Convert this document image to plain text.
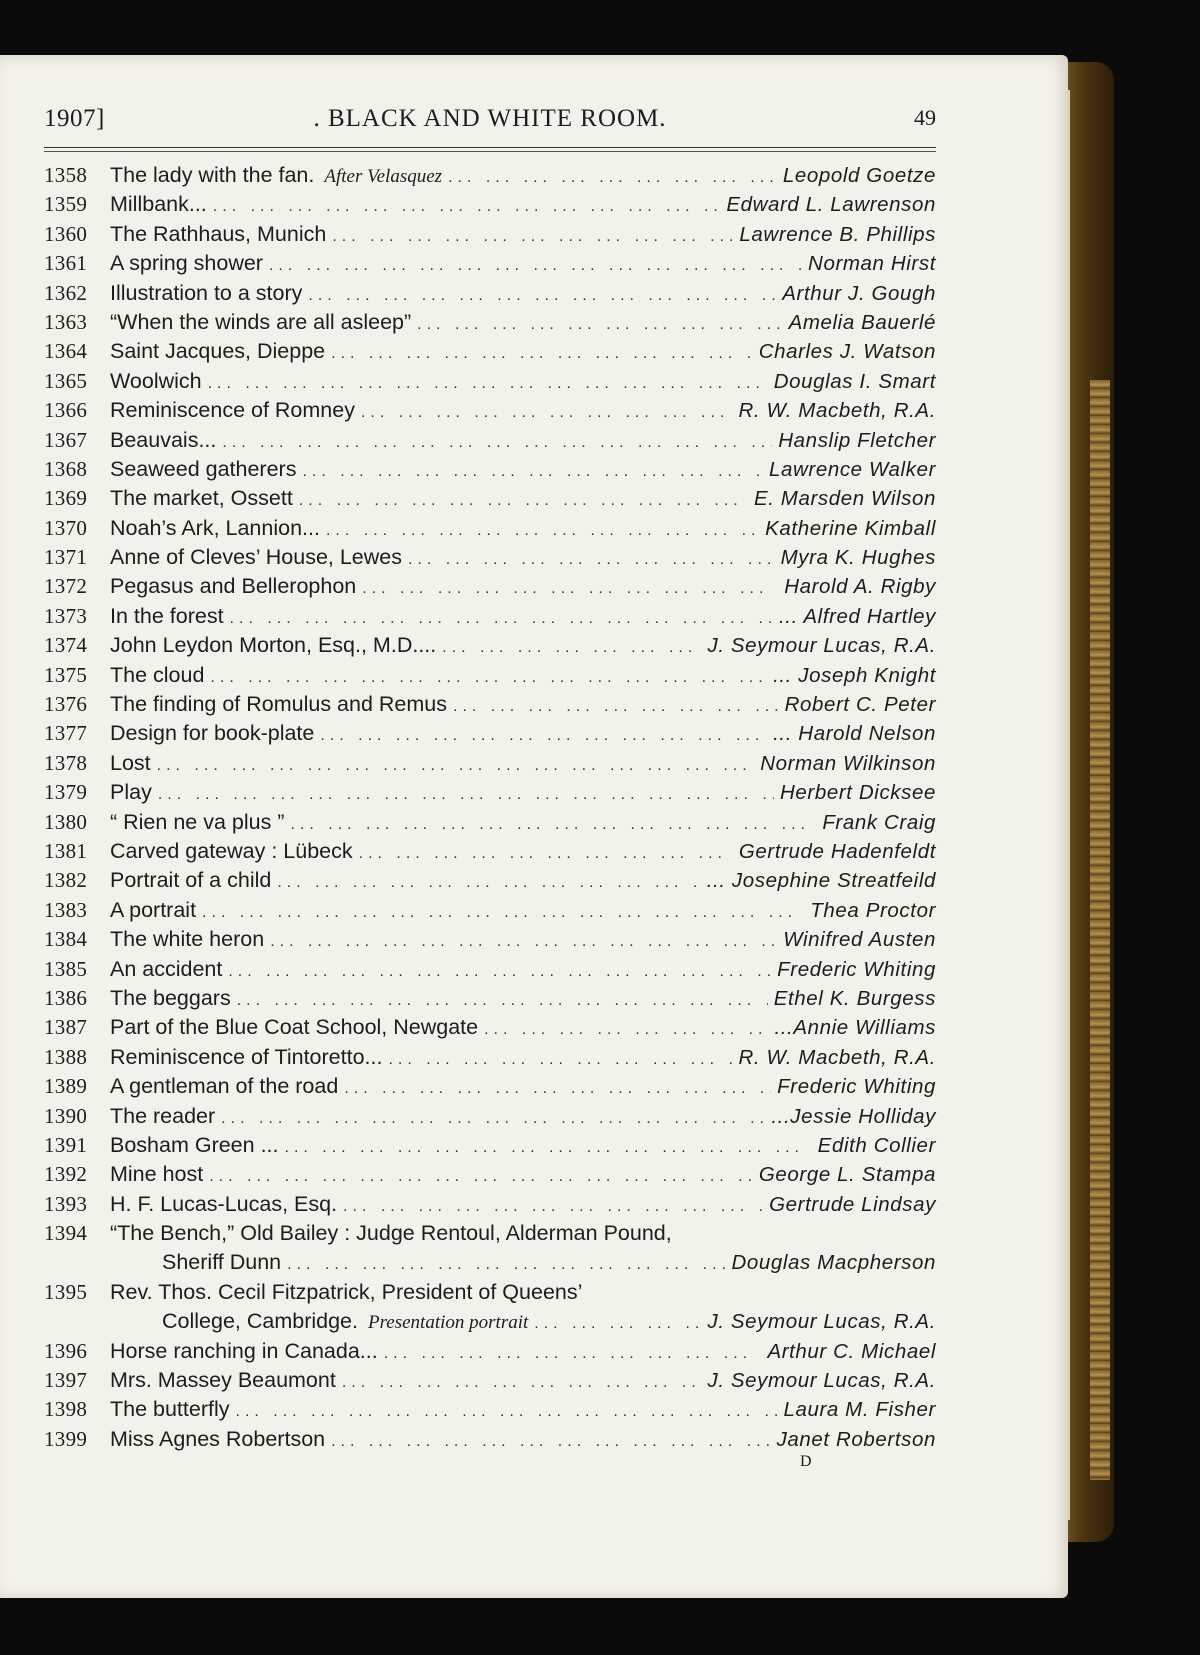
1907]	. BLACK AND WHITE ROOM.	49
1358	The lady with the fan. After Velasquez ... .	Leopold Goetze
1359	Millbank... ... .	Edward L. Lawrenson
1360	The Rathhaus, Munich ... .	Lawrence B. Phillips
1361	A spring shower ... .	Norman Hirst
1362	Illustration to a story ... .	Arthur J. Gough
1363	“When the winds are all asleep” ... .	Amelia Bauerlé
1364	Saint Jacques, Dieppe ... .	Charles J. Watson
1365	Woolwich ... .	Douglas I. Smart
1366	Reminiscence of Romney ... .	R. W. Macbeth, R.A.
1367	Beauvais... ... .	Hanslip Fletcher
1368	Seaweed gatherers ... .	Lawrence Walker
1369	The market, Ossett ... .	E. Marsden Wilson
1370	Noah’s Ark, Lannion... ... .	Katherine Kimball
1371	Anne of Cleves’ House, Lewes ... .	Myra K. Hughes
1372	Pegasus and Bellerophon ... .	Harold A. Rigby
1373	In the forest ... .	... Alfred Hartley
1374	John Leydon Morton, Esq., M.D.... ... .	J. Seymour Lucas, R.A.
1375	The cloud ... .	... Joseph Knight
1376	The finding of Romulus and Remus ... .	Robert C. Peter
1377	Design for book-plate ... .	... Harold Nelson
1378	Lost ... .	Norman Wilkinson
1379	Play ... .	Herbert Dicksee
1380	“ Rien ne va plus ” ... .	Frank Craig
1381	Carved gateway : Lübeck ... .	Gertrude Hadenfeldt
1382	Portrait of a child ... .	... Josephine Streatfeild
1383	A portrait ... .	Thea Proctor
1384	The white heron ... .	Winifred Austen
1385	An accident ... .	Frederic Whiting
1386	The beggars ... .	Ethel K. Burgess
1387	Part of the Blue Coat School, Newgate ... .	...Annie Williams
1388	Reminiscence of Tintoretto... ... .	R. W. Macbeth, R.A.
1389	A gentleman of the road ... .	Frederic Whiting
1390	The reader ... .	...Jessie Holliday
1391	Bosham Green ... ... .	Edith Collier
1392	Mine host ... .	George L. Stampa
1393	H. F. Lucas-Lucas, Esq. ... .	Gertrude Lindsay
1394	“The Bench,” Old Bailey : Judge Rentoul, Alderman Pound,
Sheriff Dunn ... .	Douglas Macpherson
1395	Rev. Thos. Cecil Fitzpatrick, President of Queens’
College, Cambridge. Presentation portrait ... .	J. Seymour Lucas, R.A.
1396	Horse ranching in Canada... ... .	Arthur C. Michael
1397	Mrs. Massey Beaumont ... .	J. Seymour Lucas, R.A.
1398	The butterfly ... .	Laura M. Fisher
1399	Miss Agnes Robertson ... .	Janet Robertson
D
